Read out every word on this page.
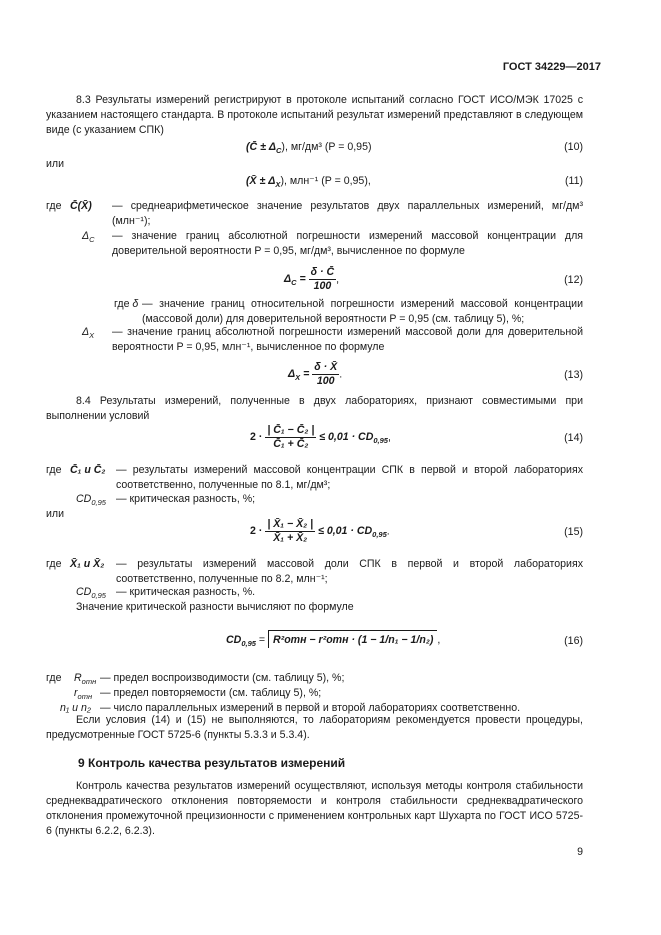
ГОСТ 34229—2017
8.3 Результаты измерений регистрируют в протоколе испытаний согласно ГОСТ ИСО/МЭК 17025 с указанием настоящего стандарта. В протоколе испытаний результат измерений представляют в следующем виде (с указанием СПК)
(C̄ ± $\Delta_C$), мг/дм³ (P = 0,95)	(10)
или
(X̄ ± $\Delta_X$), млн⁻¹ (P = 0,95),	(11)
где C̄(X̄) — среднеарифметическое значение результатов двух параллельных измерений, мг/дм³ (млн⁻¹);
$\Delta_C$ — значение границ абсолютной погрешности измерений массовой концентрации для доверительной вероятности P = 0,95, мг/дм³, вычисленное по формуле
$\Delta_C = \frac{\delta \cdot C̄}{100}$ ,	(12)
где δ — значение границ относительной погрешности измерений массовой концентрации (массовой доли) для доверительной вероятности P = 0,95 (см. таблицу 5), %;
$\Delta_X$ — значение границ абсолютной погрешности измерений массовой доли для доверительной вероятности P = 0,95, млн⁻¹, вычисленное по формуле
$\Delta_X = \frac{\delta \cdot X̄}{100}$ .	(13)
8.4 Результаты измерений, полученные в двух лабораториях, признают совместимыми при выполнении условий
$2 \cdot \frac{\text{| C̄₁ − C̄₂ |}}{\text{C̄₁ + C̄₂}} \le 0,01 \cdot CD_{0,95}$,	(14)
где C̄₁ и C̄₂ — результаты измерений массовой концентрации СПК в первой и второй лабораториях соответственно, полученные по 8.1, мг/дм³;
$CD_{0,95}$ — критическая разность, %;
или
$2 \cdot \frac{\text{| X̄₁ − X̄₂ |}}{\text{X̄₁ + X̄₂}} \le 0,01 \cdot CD_{0,95}$.	(15)
где X̄₁ и X̄₂ — результаты измерений массовой доли СПК в первой и второй лабораториях соответственно, полученные по 8.2, млн⁻¹;
$CD_{0,95}$ — критическая разность, %.
Значение критической разности вычисляют по формуле
$CD_{0,95} = R^2отн - r^2отн \cdot (1 - 1/n_1 - 1/n_2)$ ,	(16)
где $R_{отн}$ — предел воспроизводимости (см. таблицу 5), %;
$r_{отн}$ — предел повторяемости (см. таблицу 5), %;
n₁ и n₂ — число параллельных измерений в первой и второй лабораториях соответственно.
Если условия (14) и (15) не выполняются, то лабораториям рекомендуется провести процедуры, предусмотренные ГОСТ 5725-6 (пункты 5.3.3 и 5.3.4).
9 Контроль качества результатов измерений
Контроль качества результатов измерений осуществляют, используя методы контроля стабильности среднеквадратического отклонения повторяемости и контроля стабильности среднеквадратического отклонения промежуточной прецизионности с применением контрольных карт Шухарта по ГОСТ ИСО 5725-6 (пункты 6.2.2, 6.2.3).
9
